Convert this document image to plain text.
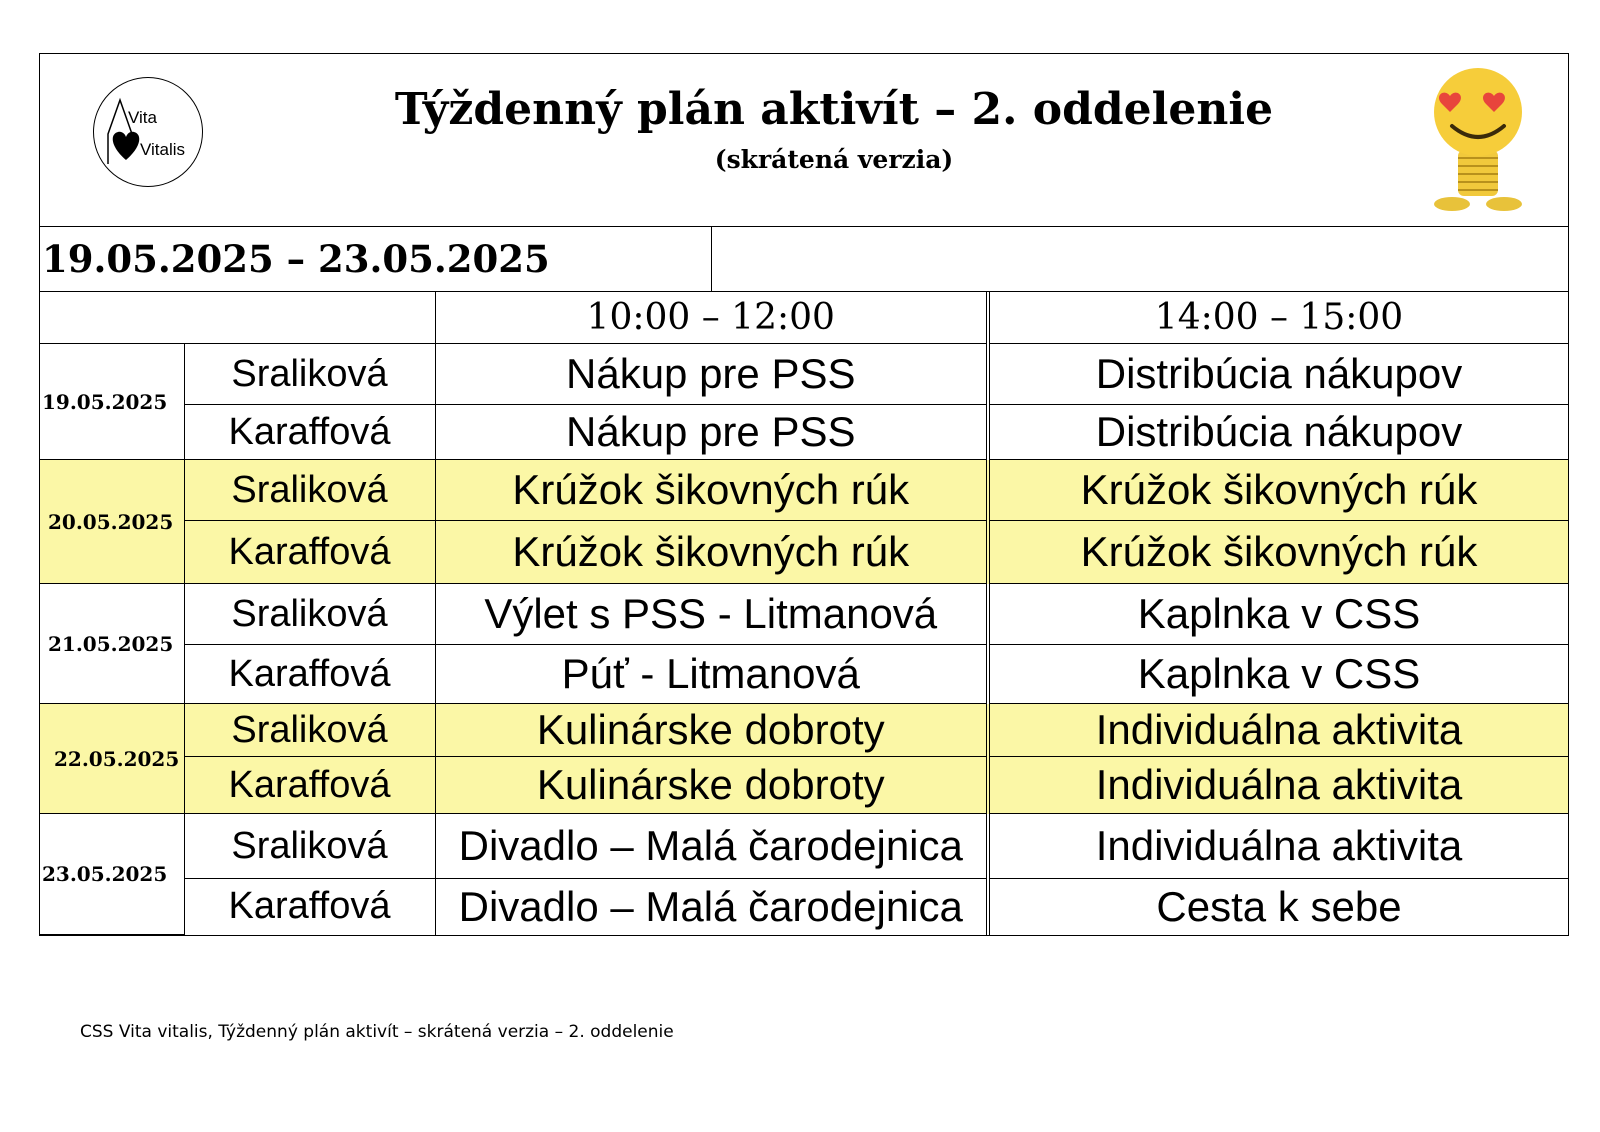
Vita
Vitalis
Týždenný plán aktivít – 2. oddelenie
(skrátená verzia)
19.05.2025 – 23.05.2025
		10:00 – 12:00	14:00 – 15:00
19.05.2025	Sraliková	Nákup pre PSS	Distribúcia nákupov
	Karaffová	Nákup pre PSS	Distribúcia nákupov
20.05.2025	Sraliková	Krúžok šikovných rúk	Krúžok šikovných rúk
	Karaffová	Krúžok šikovných rúk	Krúžok šikovných rúk
21.05.2025	Sraliková	Výlet s PSS - Litmanová	Kaplnka v CSS
	Karaffová	Púť - Litmanová	Kaplnka v CSS
22.05.2025	Sraliková	Kulinárske dobroty	Individuálna aktivita
	Karaffová	Kulinárske dobroty	Individuálna aktivita
23.05.2025	Sraliková	Divadlo – Malá čarodejnica	Individuálna aktivita
	Karaffová	Divadlo – Malá čarodejnica	Cesta k sebe
CSS Vita vitalis, Týždenný plán aktivít – skrátená verzia – 2. oddelenie
